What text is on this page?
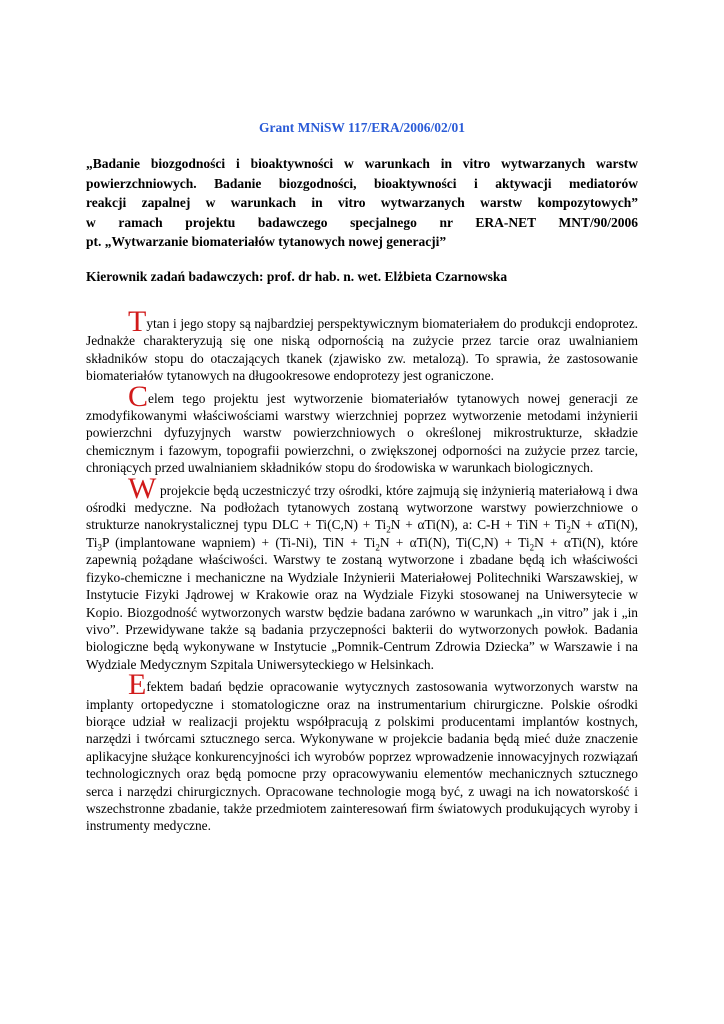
Grant MNiSW 117/ERA/2006/02/01
„Badanie biozgodności i bioaktywności w warunkach in vitro wytwarzanych warstw
powierzchniowych. Badanie biozgodności, bioaktywności i aktywacji mediatorów
reakcji zapalnej w warunkach in vitro wytwarzanych warstw kompozytowych”
w ramach projektu badawczego specjalnego nr ERA-NET MNT/90/2006
pt. „Wytwarzanie biomateriałów tytanowych nowej generacji”
Kierownik zadań badawczych: prof. dr hab. n. wet. Elżbieta Czarnowska

Tytan i jego stopy są najbardziej perspektywicznym biomateriałem do produkcji endoprotez. Jednakże charakteryzują się one niską odpornością na zużycie przez tarcie oraz uwalnianiem składników stopu do otaczających tkanek (zjawisko zw. metalozą). To sprawia, że zastosowanie biomateriałów tytanowych na długookresowe endoprotezy jest ograniczone.

Celem tego projektu jest wytworzenie biomateriałów tytanowych nowej generacji ze zmodyfikowanymi właściwościami warstwy wierzchniej poprzez wytworzenie metodami inżynierii powierzchni dyfuzyjnych warstw powierzchniowych o określonej mikrostrukturze, składzie chemicznym i fazowym, topografii powierzchni, o zwiększonej odporności na zużycie przez tarcie, chroniących przed uwalnianiem składników stopu do środowiska w warunkach biologicznych.

W projekcie będą uczestniczyć trzy ośrodki, które zajmują się inżynierią materiałową i dwa ośrodki medyczne. Na podłożach tytanowych zostaną wytworzone warstwy powierzchniowe o strukturze nanokrystalicznej typu DLC + $Ti(C,N) + Ti_2N + \alpha Ti(N)$, a: C-H + TiN + $Ti_2N + \alpha Ti(N)$, $Ti_3P$ (implantowane wapniem) + (Ti-Ni), TiN + $Ti_2N + \alpha Ti(N)$, $Ti(C,N) + Ti_2N + \alpha Ti(N)$, które zapewnią pożądane właściwości. Warstwy te zostaną wytworzone i zbadane będą ich właściwości fizyko-chemiczne i mechaniczne na Wydziale Inżynierii Materiałowej Politechniki Warszawskiej, w Instytucie Fizyki Jądrowej w Krakowie oraz na Wydziale Fizyki stosowanej na Uniwersytecie w Kopio. Biozgodność wytworzonych warstw będzie badana zarówno w warunkach „in vitro” jak i „in vivo”. Przewidywane także są badania przyczepności bakterii do wytworzonych powłok. Badania biologiczne będą wykonywane w Instytucie „Pomnik-Centrum Zdrowia Dziecka” w Warszawie i na Wydziale Medycznym Szpitala Uniwersyteckiego w Helsinkach.

Efektem badań będzie opracowanie wytycznych zastosowania wytworzonych warstw na implanty ortopedyczne i stomatologiczne oraz na instrumentarium chirurgiczne. Polskie ośrodki biorące udział w realizacji projektu współpracują z polskimi producentami implantów kostnych, narzędzi i twórcami sztucznego serca. Wykonywane w projekcie badania będą mieć duże znaczenie aplikacyjne służące konkurencyjności ich wyrobów poprzez wprowadzenie innowacyjnych rozwiązań technologicznych oraz będą pomocne przy opracowywaniu elementów mechanicznych sztucznego serca i narzędzi chirurgicznych. Opracowane technologie mogą być, z uwagi na ich nowatorskość i wszechstronne zbadanie, także przedmiotem zainteresowań firm światowych produkujących wyroby i instrumenty medyczne.
